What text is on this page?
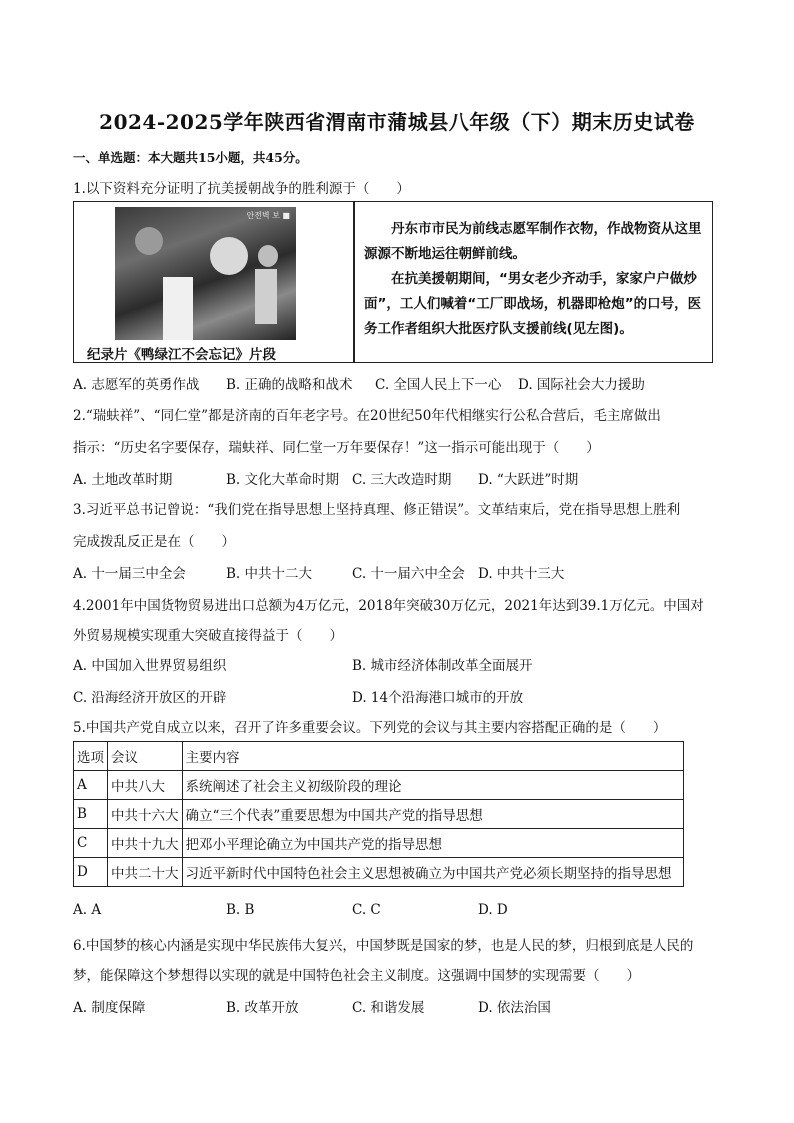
2024-2025学年陕西省渭南市蒲城县八年级（下）期末历史试卷
一、单选题：本大题共15小题，共45分。
1.以下资料充分证明了抗美援朝战争的胜利源于（　　）
안전벽 보 ■
纪录片《鸭绿江不会忘记》片段

丹东市市民为前线志愿军制作衣物，作战物资从这里源源不断地运往朝鲜前线。

在抗美援朝期间，“男女老少齐动手，家家户户做炒面”，工人们喊着“工厂即战场，机器即枪炮”的口号，医务工作者组织大批医疗队支援前线(见左图)。

A. 志愿军的英勇作战 B. 正确的战略和战术 C. 全国人民上下一心 D. 国际社会大力援助
2.“瑞蚨祥”、“同仁堂”都是济南的百年老字号。在20世纪50年代相继实行公私合营后，毛主席做出
指示：“历史名字要保存，瑞蚨祥、同仁堂一万年要保存！”这一指示可能出现于（　　）
A. 土地改革时期	B. 文化大革命时期 C. 三大改造时期 D. “大跃进”时期
3.习近平总书记曾说：“我们党在指导思想上坚持真理、修正错误”。文革结束后，党在指导思想上胜利
完成拨乱反正是在（　　）
A. 十一届三中全会	B. 中共十二大	C. 十一届六中全会 D. 中共十三大
4.2001年中国货物贸易进出口总额为4万亿元，2018年突破30万亿元，2021年达到39.1万亿元。中国对
外贸易规模实现重大突破直接得益于（　　）
A. 中国加入世界贸易组织	B. 城市经济体制改革全面展开
C. 沿海经济开放区的开辟	D. 14个沿海港口城市的开放
5.中国共产党自成立以来，召开了许多重要会议。下列党的会议与其主要内容搭配正确的是（　　）
选项	会议	主要内容
A	中共八大	系统阐述了社会主义初级阶段的理论
B	中共十六大	确立“三个代表”重要思想为中国共产党的指导思想
C	中共十九大	把邓小平理论确立为中国共产党的指导思想
D	中共二十大	习近平新时代中国特色社会主义思想被确立为中国共产党必须长期坚持的指导思想
A. A	B. B	C. C	D. D
6.中国梦的核心内涵是实现中华民族伟大复兴，中国梦既是国家的梦，也是人民的梦，归根到底是人民的
梦，能保障这个梦想得以实现的就是中国特色社会主义制度。这强调中国梦的实现需要（　　）
A. 制度保障	B. 改革开放	C. 和谐发展	D. 依法治国
